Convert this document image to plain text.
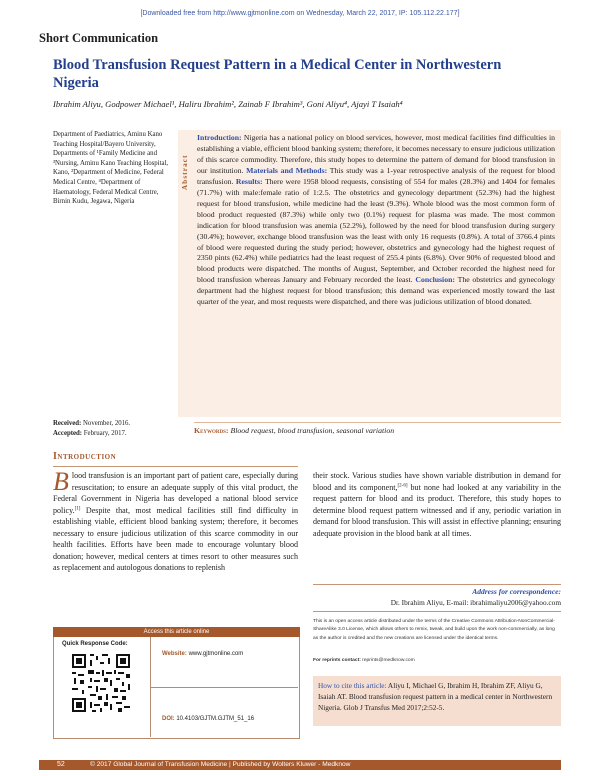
[Downloaded free from http://www.gjtmonline.com on Wednesday, March 22, 2017, IP: 105.112.22.177]
Short Communication
Blood Transfusion Request Pattern in a Medical Center in Northwestern Nigeria
Ibrahim Aliyu, Godpower Michael¹, Haliru Ibrahim², Zainab F Ibrahim³, Goni Aliyu⁴, Ajayi T Isaiah⁴
Department of Paediatrics, Aminu Kano Teaching Hospital/Bayero University, Departments of ¹Family Medicine and ³Nursing, Aminu Kano Teaching Hospital, Kano, ²Department of Medicine, Federal Medical Centre, ⁴Department of Haematology, Federal Medical Centre, Birnin Kudu, Jegawa, Nigeria
Received: November, 2016.
Accepted: February, 2017.
Abstract
Introduction: Nigeria has a national policy on blood services, however, most medical facilities find difficulties in establishing a viable, efficient blood banking system; therefore, it becomes necessary to ensure judicious utilization of this scarce commodity. Therefore, this study hopes to determine the pattern of demand for blood transfusion in our institution. Materials and Methods: This study was a 1-year retrospective analysis of the request for blood transfusion. Results: There were 1958 blood requests, consisting of 554 for males (28.3%) and 1404 for females (71.7%) with male:female ratio of 1:2.5. The obstetrics and gynecology department (52.3%) had the highest request for blood transfusion, while medicine had the least (9.3%). Whole blood was the most common form of blood product requested (87.3%) while only two (0.1%) request for plasma was made. The most common indication for blood transfusion was anemia (52.2%), followed by the need for blood transfusion during surgery (30.4%); however, exchange blood transfusion was the least with only 16 requests (0.8%). A total of 3766.4 pints of blood were requested during the study period; however, obstetrics and gynecology had the highest request of 2350 pints (62.4%) while pediatrics had the least request of 255.4 pints (6.8%). Over 90% of requested blood and blood products were dispatched. The months of August, September, and October recorded the highest need for blood transfusion whereas January and February recorded the least. Conclusion: The obstetrics and gynecology department had the highest request for blood transfusion; this demand was experienced mostly toward the last quarter of the year, and most requests were dispatched, and there was judicious utilization of blood donated.
Keywords: Blood request, blood transfusion, seasonal variation
Introduction
Blood transfusion is an important part of patient care, especially during resuscitation; to ensure an adequate supply of this vital product, the Federal Government in Nigeria has developed a national blood service policy.[1] Despite that, most medical facilities still find difficulty in establishing viable, efficient blood banking system; therefore, it becomes necessary to ensure judicious utilization of this scarce commodity in our health facilities. Efforts have been made to encourage voluntary blood donation; however, medical centers at times resort to other measures such as replacement and autologous donations to replenish
their stock. Various studies have shown variable distribution in demand for blood and its component,[2-6] but none had looked at any variability in the request pattern for blood and its product. Therefore, this study hopes to determine blood request pattern witnessed and if any, periodic variation in demand for blood transfusion. This will assist in effective planning; ensuring adequate provision in the blood bank at all times.
Access this article online
Quick Response Code:
Website: www.gjtmonline.com
DOI: 10.4103/GJTM.GJTM_51_16
Address for correspondence:
Dr. Ibrahim Aliyu, E-mail: ibrahimaliyu2006@yahoo.com
This is an open access article distributed under the terms of the Creative Commons Attribution-NonCommercial-ShareAlike 3.0 License, which allows others to remix, tweak, and build upon the work non-commercially, as long as the author is credited and the new creations are licensed under the identical terms.
For reprints contact: reprints@medknow.com
How to cite this article: Aliyu I, Michael G, Ibrahim H, Ibrahim ZF, Aliyu G, Isaiah AT. Blood transfusion request pattern in a medical center in Northwestern Nigeria. Glob J Transfus Med 2017;2:52-5.
52	© 2017 Global Journal of Transfusion Medicine | Published by Wolters Kluwer - Medknow
